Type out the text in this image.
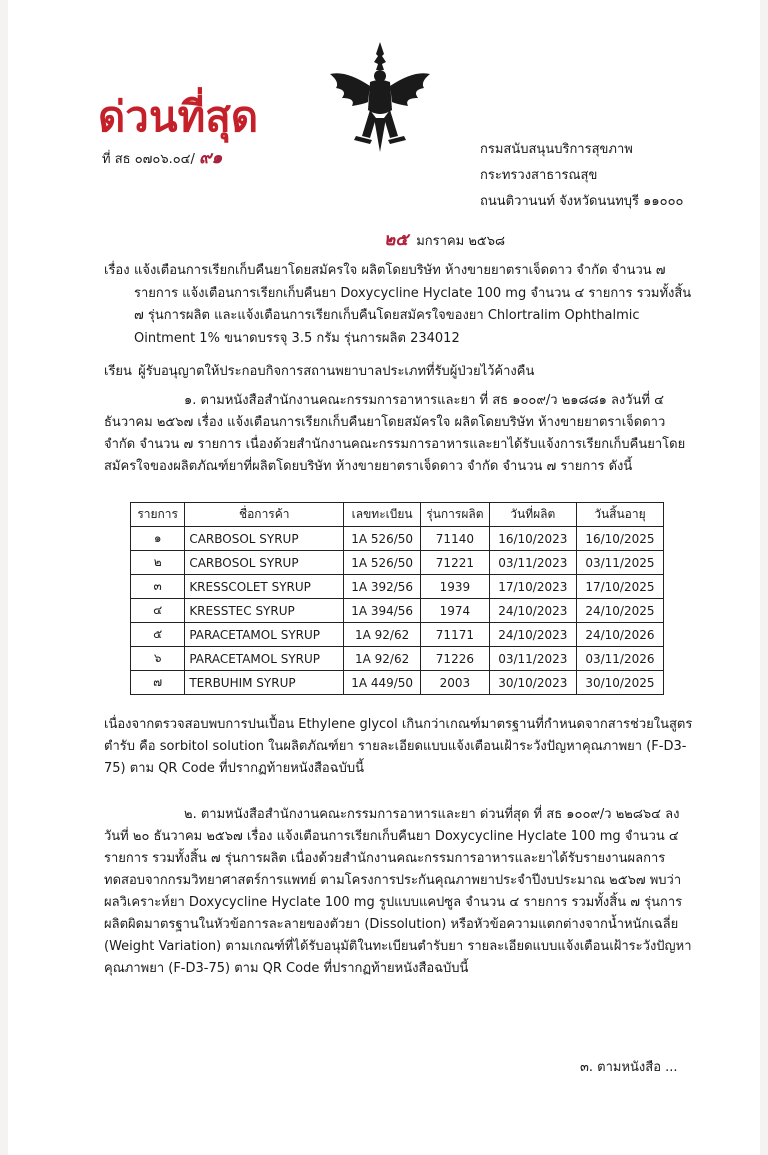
ด่วนที่สุด
ที่ สธ ๐๗๐๖.๐๔/ ๙๑	กรมสนับสนุนบริการสุขภาพ
กระทรวงสาธารณสุข
ถนนติวานนท์ จังหวัดนนทบุรี ๑๑๐๐๐
๒๕ มกราคม ๒๕๖๘
เรื่อง แจ้งเตือนการเรียกเก็บคืนยาโดยสมัครใจ ผลิตโดยบริษัท ห้างขายยาตราเจ็ดดาว จำกัด จำนวน ๗ รายการ แจ้งเตือนการเรียกเก็บคืนยา Doxycycline Hyclate 100 mg จำนวน ๔ รายการ รวมทั้งสิ้น ๗ รุ่นการผลิต และแจ้งเตือนการเรียกเก็บคืนโดยสมัครใจของยา Chlortralim Ophthalmic Ointment 1% ขนาดบรรจุ 3.5 กรัม รุ่นการผลิต 234012
เรียน ผู้รับอนุญาตให้ประกอบกิจการสถานพยาบาลประเภทที่รับผู้ป่วยไว้ค้างคืน
๑. ตามหนังสือสำนักงานคณะกรรมการอาหารและยา ที่ สธ ๑๐๐๙/ว ๒๑๘๘๑ ลงวันที่ ๔ ธันวาคม ๒๕๖๗ เรื่อง แจ้งเตือนการเรียกเก็บคืนยาโดยสมัครใจ ผลิตโดยบริษัท ห้างขายยาตราเจ็ดดาว จำกัด จำนวน ๗ รายการ เนื่องด้วยสำนักงานคณะกรรมการอาหารและยาได้รับแจ้งการเรียกเก็บคืนยาโดยสมัครใจของผลิตภัณฑ์ยาที่ผลิตโดยบริษัท ห้างขายยาตราเจ็ดดาว จำกัด จำนวน ๗ รายการ ดังนี้
รายการ	ชื่อการค้า	เลขทะเบียน	รุ่นการผลิต	วันที่ผลิต	วันสิ้นอายุ
๑	CARBOSOL SYRUP	1A 526/50	71140	16/10/2023	16/10/2025
๒	CARBOSOL SYRUP	1A 526/50	71221	03/11/2023	03/11/2025
๓	KRESSCOLET SYRUP	1A 392/56	1939	17/10/2023	17/10/2025
๔	KRESSTEC SYRUP	1A 394/56	1974	24/10/2023	24/10/2025
๕	PARACETAMOL SYRUP	1A 92/62	71171	24/10/2023	24/10/2026
๖	PARACETAMOL SYRUP	1A 92/62	71226	03/11/2023	03/11/2026
๗	TERBUHIM SYRUP	1A 449/50	2003	30/10/2023	30/10/2025
เนื่องจากตรวจสอบพบการปนเปื้อน Ethylene glycol เกินกว่าเกณฑ์มาตรฐานที่กำหนดจากสารช่วยในสูตรตำรับ คือ sorbitol solution ในผลิตภัณฑ์ยา รายละเอียดแบบแจ้งเตือนเฝ้าระวังปัญหาคุณภาพยา (F-D3-75) ตาม QR Code ที่ปรากฏท้ายหนังสือฉบับนี้
๒. ตามหนังสือสำนักงานคณะกรรมการอาหารและยา ด่วนที่สุด ที่ สธ ๑๐๐๙/ว ๒๒๘๖๔ ลงวันที่ ๒๐ ธันวาคม ๒๕๖๗ เรื่อง แจ้งเตือนการเรียกเก็บคืนยา Doxycycline Hyclate 100 mg จำนวน ๔ รายการ รวมทั้งสิ้น ๗ รุ่นการผลิต เนื่องด้วยสำนักงานคณะกรรมการอาหารและยาได้รับรายงานผลการทดสอบจากกรมวิทยาศาสตร์การแพทย์ ตามโครงการประกันคุณภาพยาประจำปีงบประมาณ ๒๕๖๗ พบว่าผลวิเคราะห์ยา Doxycycline Hyclate 100 mg รูปแบบแคปซูล จำนวน ๔ รายการ รวมทั้งสิ้น ๗ รุ่นการผลิตผิดมาตรฐานในหัวข้อการละลายของตัวยา (Dissolution) หรือหัวข้อความแตกต่างจากน้ำหนักเฉลี่ย (Weight Variation) ตามเกณฑ์ที่ได้รับอนุมัติในทะเบียนตำรับยา รายละเอียดแบบแจ้งเตือนเฝ้าระวังปัญหาคุณภาพยา (F-D3-75) ตาม QR Code ที่ปรากฏท้ายหนังสือฉบับนี้
๓. ตามหนังสือ ...
